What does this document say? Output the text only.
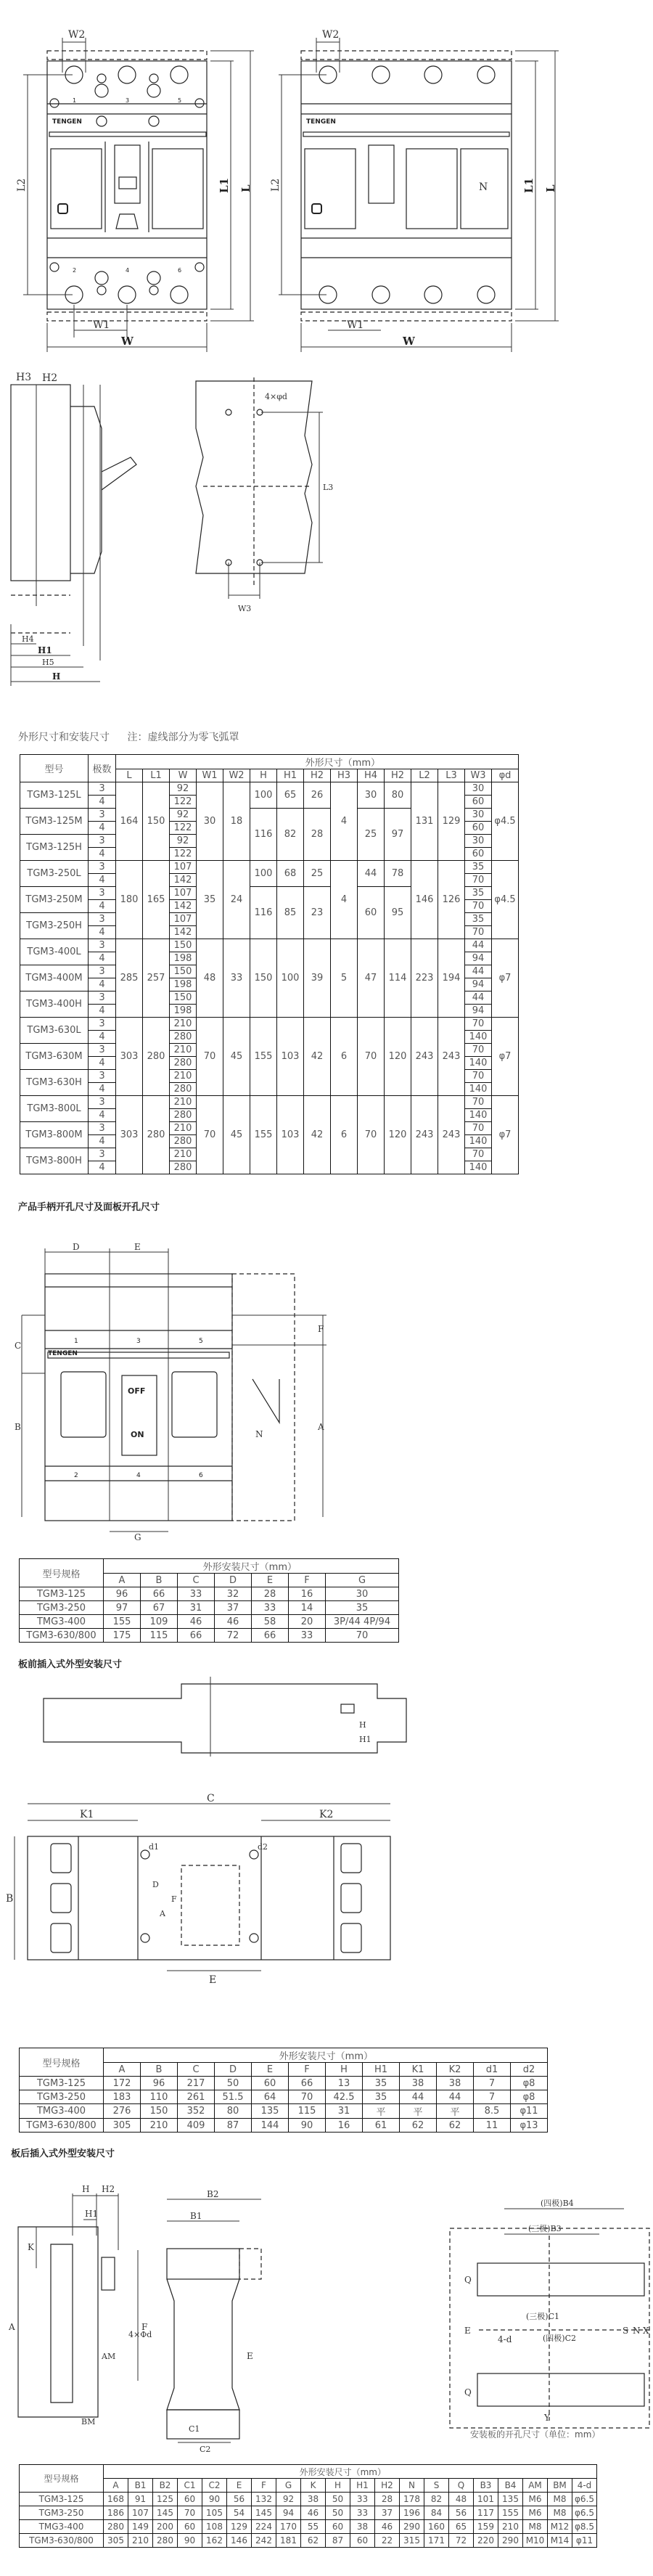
W2
L2	L1 L
W1
W
TENGEN
1	3	5
2	4	6
W2
L2	L1 L
N
W1
W
TENGEN
H2
H3
H4
H1
H5
H
4×φd
W3
L3
外形尺寸和安装尺寸 注：虚线部分为零飞弧罩
型号	极数	外形尺寸（mm）														
		L	L1	W	W1	W2	H	H1	H2	H3	H4	H2	L2	L3	W3	φd
TGM3-125L	3	164	150	92	30	18	100	65	26	4	30	80	131	129	30	φ4.5
	4			122											60	
TGM3-125M	3			92			116	82	28		25	97			30	
	4			122											60	
TGM3-125H	3			92											30	
	4			122											60	
TGM3-250L	3	180	165	107	35	24	100	68	25	4	44	78	146	126	35	φ4.5
	4			142											70	
TGM3-250M	3			107			116	85	23		60	95			35	
	4			142											70	
TGM3-250H	3			107											35	
	4			142											70	
TGM3-400L	3	285	257	150	48	33	150	100	39	5	47	114	223	194	44	φ7
	4			198											94	
TGM3-400M	3			150											44	
	4			198											94	
TGM3-400H	3			150											44	
	4			198											94	
TGM3-630L	3	303	280	210	70	45	155	103	42	6	70	120	243	243	70	φ7
	4			280											140	
TGM3-630M	3			210											70	
	4			280											140	
TGM3-630H	3			210											70	
	4			280											140	
TGM3-800L	3	303	280	210	70	45	155	103	42	6	70	120	243	243	70	φ7
	4			280											140	
TGM3-800M	3			210											70	
	4			280											140	
TGM3-800H	3			210											70	
	4			280											140	
产品手柄开孔尺寸及面板开孔尺寸
D	E
C
B
F
A
G
OFF
ON
TENGEN
1	3	5
2	4	6
N
型号规格	外形安装尺寸（mm）						
	A	B	C	D	E	F	G
TGM3-125	96	66	33	32	28	16	30
TGM3-250	97	67	31	37	33	14	35
TMG3-400	155	109	46	46	58	20	3P/44 4P/94
TGM3-630/800	175	115	66	72	66	33	70
板前插入式外型安装尺寸
H
H1
C
K1	K2
B
d1	d2
F
A
D
E
型号规格	外形安装尺寸（mm）											
	A	B	C	D	E	F	H	H1	K1	K2	d1	d2
TGM3-125	172	96	217	50	60	66	13	35	38	38	7	φ8
TGM3-250	183	110	261	51.5	64	70	42.5	35	44	44	7	φ8
TMG3-400	276	150	352	80	135	115	31	平	平	平	8.5	φ11
TGM3-630/800	305	210	409	87	144	90	16	61	62	62	11	φ13
板后插入式外型安装尺寸
H H2
H1
K
A
AM
BM
F
B2
B1
4×Φd
C1
C2
E
(四极)B4
(三极)B3
(三极)C1
(四极)C2
4-d
Q
Q
E	S N X
Y
安装板的开孔尺寸（单位：mm）
型号规格	外形安装尺寸（mm）																			
	A	B1	B2	C1	C2	E	F	G	K	H	H1	H2	N	S	Q	B3	B4	AM	BM	4-d
TGM3-125	168	91	125	60	90	56	132	92	38	50	33	28	178	82	48	101	135	M6	M8	φ6.5
TGM3-250	186	107	145	70	105	54	145	94	46	50	33	37	196	84	56	117	155	M6	M8	φ6.5
TMG3-400	280	149	200	60	108	129	224	170	55	60	38	46	290	160	65	159	210	M8	M12	φ8.5
TGM3-630/800	305	210	280	90	162	146	242	181	62	87	60	22	315	171	72	220	290	M10	M14	φ11
